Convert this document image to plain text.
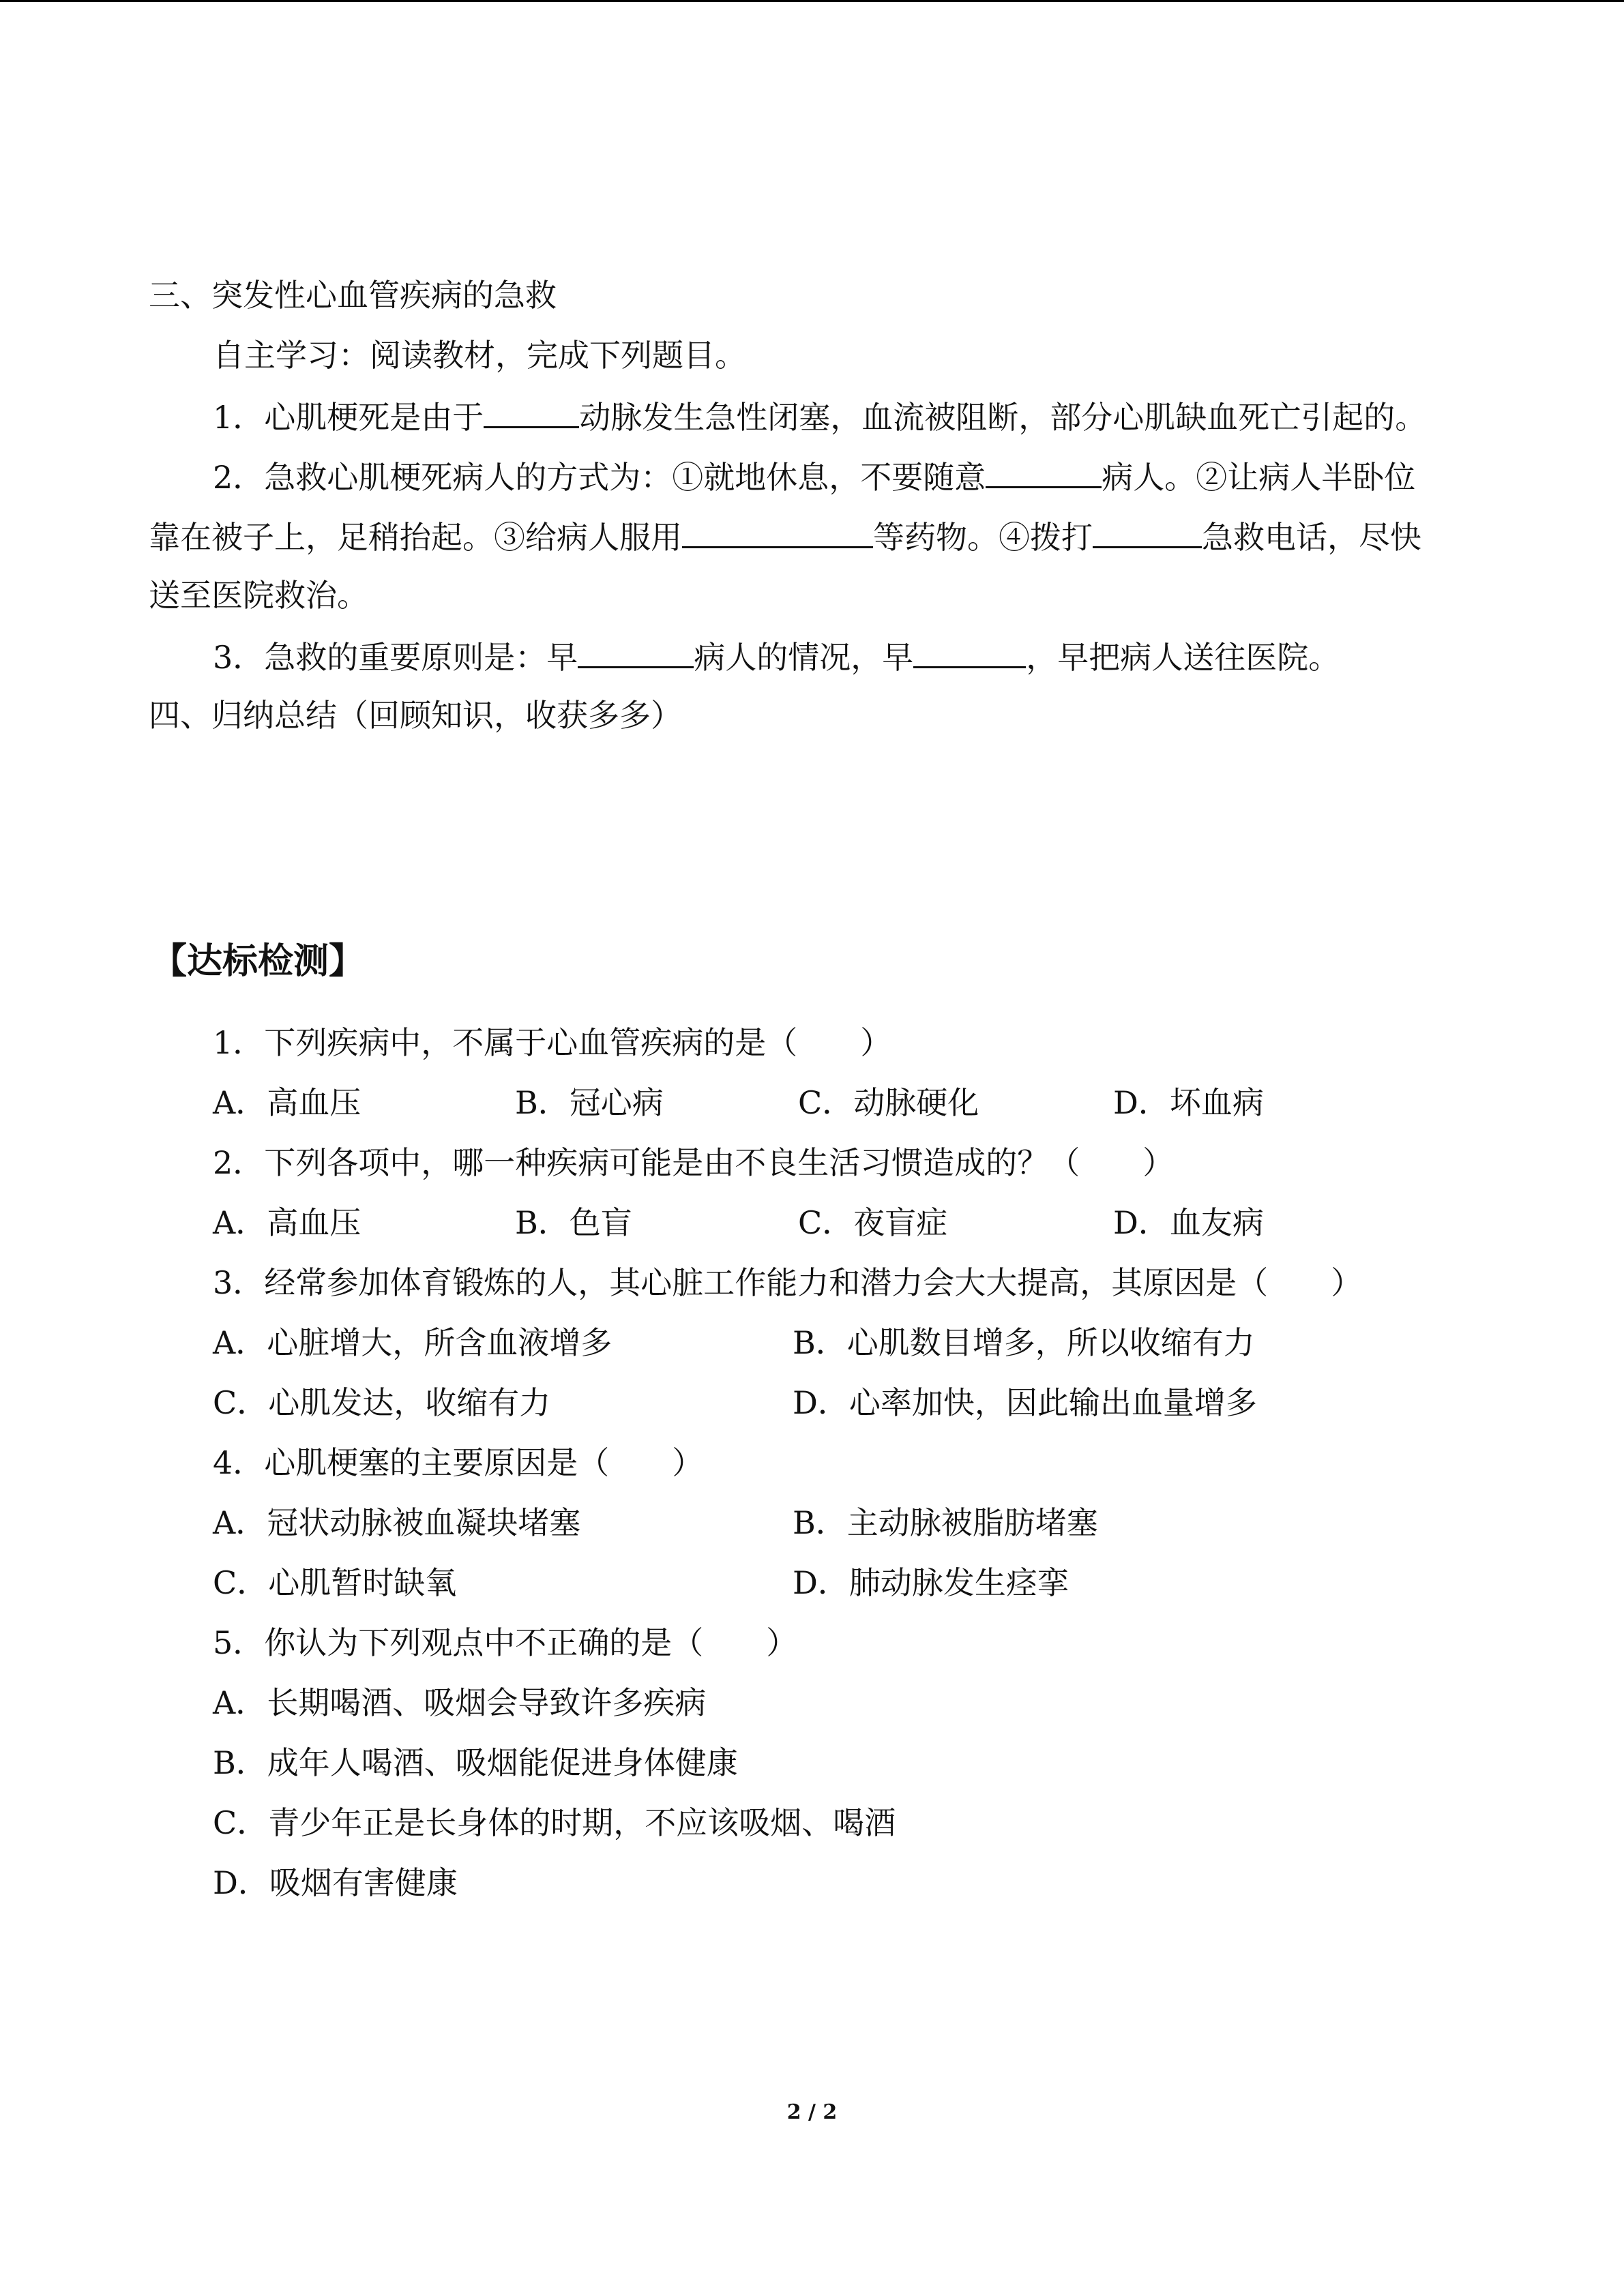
三、突发性心血管疾病的急救
自主学习：阅读教材，完成下列题目。
1．心肌梗死是由于	动脉发生急性闭塞，血流被阻断，部分心肌缺血死亡引起的。
2．急救心肌梗死病人的方式为：①就地休息，不要随意	病人。②让病人半卧位
靠在被子上，足稍抬起。③给病人服用	等药物。④拨打	急救电话，尽快
送至医院救治。
3．急救的重要原则是：早	病人的情况，早	，早把病人送往医院。
四、归纳总结（回顾知识，收获多多）
【达标检测】
1．下列疾病中，不属于心血管疾病的是（　　）
A．高血压	B．冠心病	C．动脉硬化	D．坏血病
2．下列各项中，哪一种疾病可能是由不良生活习惯造成的？（　　）
A．高血压	B．色盲	C．夜盲症	D．血友病
3．经常参加体育锻炼的人，其心脏工作能力和潜力会大大提高，其原因是（　　）
A．心脏增大，所含血液增多	B．心肌数目增多，所以收缩有力
C．心肌发达，收缩有力	D．心率加快，因此输出血量增多
4．心肌梗塞的主要原因是（　　）
A．冠状动脉被血凝块堵塞	B．主动脉被脂肪堵塞
C．心肌暂时缺氧	D．肺动脉发生痉挛
5．你认为下列观点中不正确的是（　　）
A．长期喝酒、吸烟会导致许多疾病
B．成年人喝酒、吸烟能促进身体健康
C．青少年正是长身体的时期，不应该吸烟、喝酒
D．吸烟有害健康
2 / 2
